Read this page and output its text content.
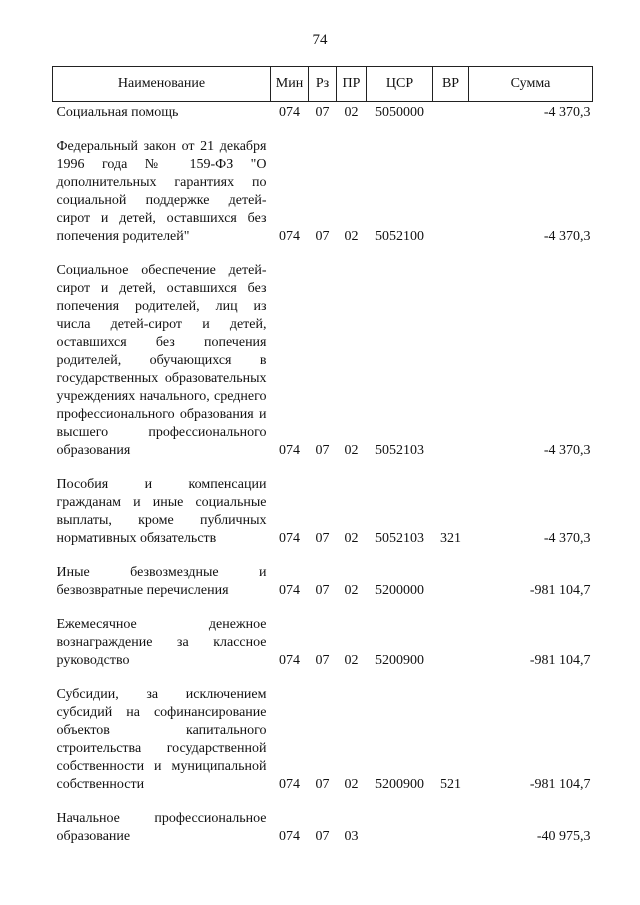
74
Наименование	Мин	Рз	ПР	ЦСР	ВР	Сумма
Социальная помощь	074	07	02	5050000		-4 370,3
Федеральный закон от 21 декабря 1996 года № 159-ФЗ "О дополнительных гарантиях по социальной поддержке детей-сирот и детей, оставшихся без попечения родителей"	074	07	02	5052100		-4 370,3
Социальное обеспечение детей-сирот и детей, оставшихся без попечения родителей, лиц из числа детей-сирот и детей, оставшихся без попечения родителей, обучающихся в государственных образовательных учреждениях начального, среднего профессионального образования и высшего профессионального образования	074	07	02	5052103		-4 370,3
Пособия и компенсации гражданам и иные социальные выплаты, кроме публичных нормативных обязательств	074	07	02	5052103	321	-4 370,3
Иные безвозмездные и безвозвратные перечисления	074	07	02	5200000		-981 104,7
Ежемесячное денежное вознаграждение за классное руководство	074	07	02	5200900		-981 104,7
Субсидии, за исключением субсидий на софинансирование объектов капитального строительства государственной собственности и муниципальной собственности	074	07	02	5200900	521	-981 104,7
Начальное профессиональное образование	074	07	03			-40 975,3
